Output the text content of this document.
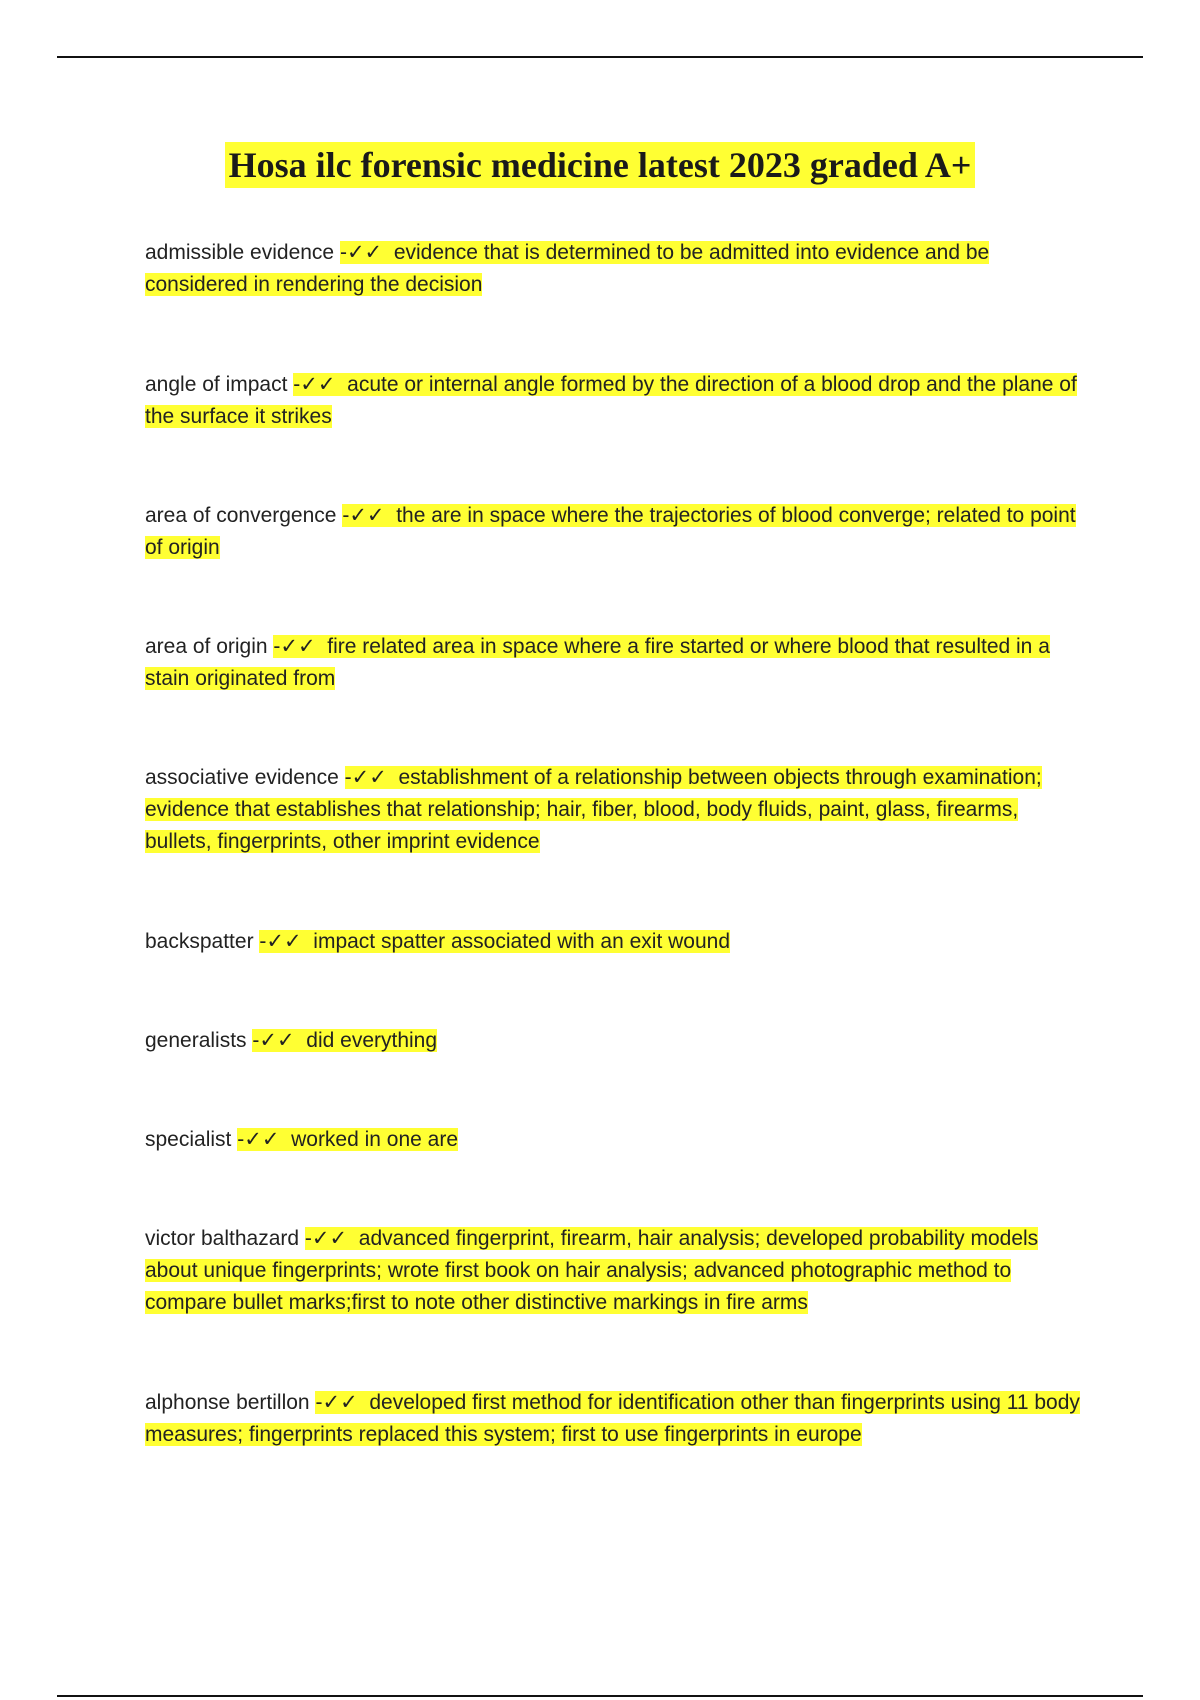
Hosa ilc forensic medicine latest 2023 graded A+
admissible evidence -✓✓ evidence that is determined to be admitted into evidence and be considered in rendering the decision
angle of impact -✓✓ acute or internal angle formed by the direction of a blood drop and the plane of the surface it strikes
area of convergence -✓✓ the are in space where the trajectories of blood converge; related to point of origin
area of origin -✓✓ fire related area in space where a fire started or where blood that resulted in a stain originated from
associative evidence -✓✓ establishment of a relationship between objects through examination; evidence that establishes that relationship; hair, fiber, blood, body fluids, paint, glass, firearms, bullets, fingerprints, other imprint evidence
backspatter -✓✓ impact spatter associated with an exit wound
generalists -✓✓ did everything
specialist -✓✓ worked in one are
victor balthazard -✓✓ advanced fingerprint, firearm, hair analysis; developed probability models about unique fingerprints; wrote first book on hair analysis; advanced photographic method to compare bullet marks;first to note other distinctive markings in fire arms
alphonse bertillon -✓✓ developed first method for identification other than fingerprints using 11 body measures; fingerprints replaced this system; first to use fingerprints in europe
